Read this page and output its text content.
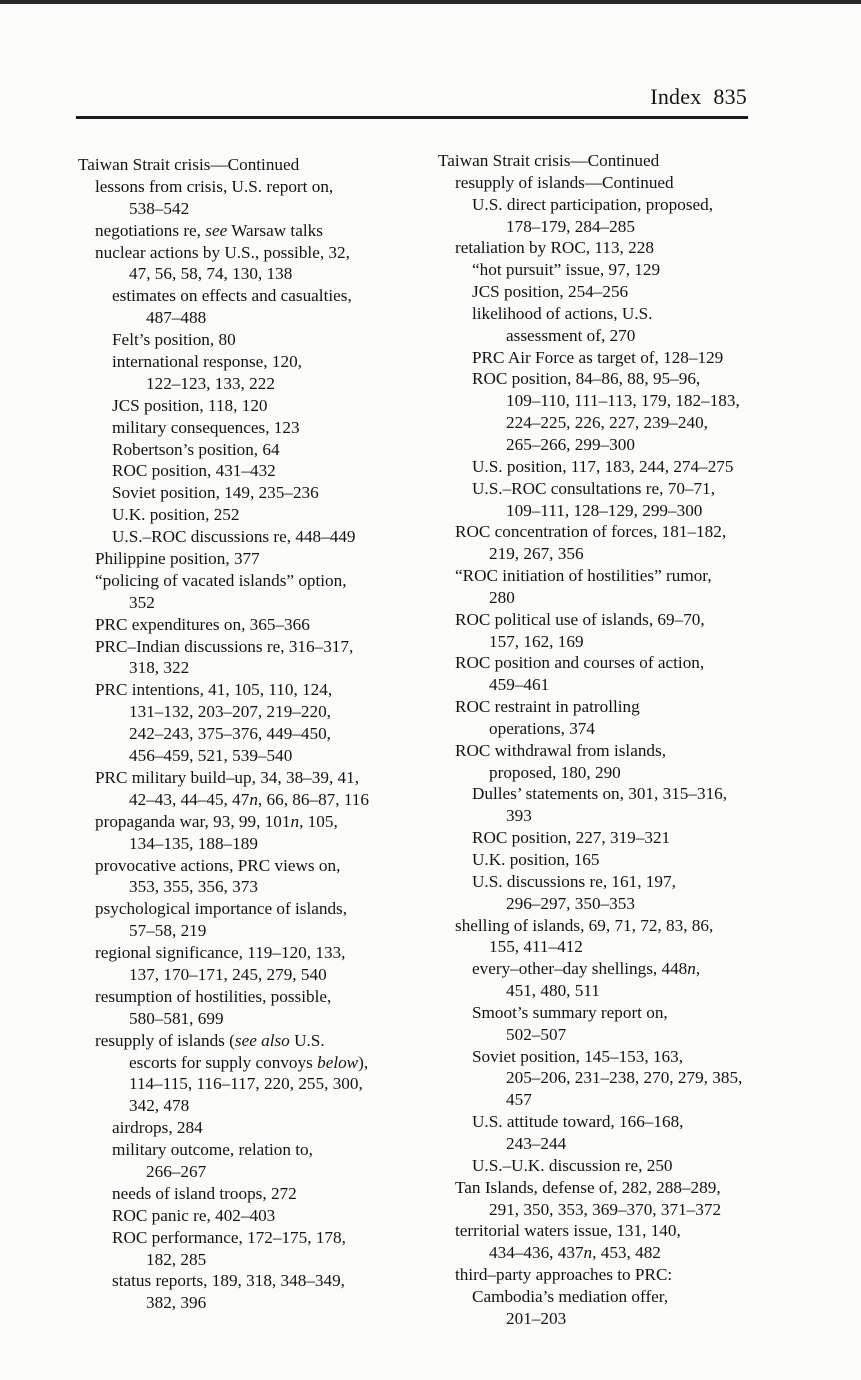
Index 835
Taiwan Strait crisis—Continued
lessons from crisis, U.S. report on,
538–542
negotiations re, see Warsaw talks
nuclear actions by U.S., possible, 32,
47, 56, 58, 74, 130, 138
estimates on effects and casualties,
487–488
Felt’s position, 80
international response, 120,
122–123, 133, 222
JCS position, 118, 120
military consequences, 123
Robertson’s position, 64
ROC position, 431–432
Soviet position, 149, 235–236
U.K. position, 252
U.S.–ROC discussions re, 448–449
Philippine position, 377
“policing of vacated islands” option,
352
PRC expenditures on, 365–366
PRC–Indian discussions re, 316–317,
318, 322
PRC intentions, 41, 105, 110, 124,
131–132, 203–207, 219–220,
242–243, 375–376, 449–450,
456–459, 521, 539–540
PRC military build–up, 34, 38–39, 41,
42–43, 44–45, 47n, 66, 86–87, 116
propaganda war, 93, 99, 101n, 105,
134–135, 188–189
provocative actions, PRC views on,
353, 355, 356, 373
psychological importance of islands,
57–58, 219
regional significance, 119–120, 133,
137, 170–171, 245, 279, 540
resumption of hostilities, possible,
580–581, 699
resupply of islands (see also U.S.
escorts for supply convoys below),
114–115, 116–117, 220, 255, 300,
342, 478
airdrops, 284
military outcome, relation to,
266–267
needs of island troops, 272
ROC panic re, 402–403
ROC performance, 172–175, 178,
182, 285
status reports, 189, 318, 348–349,
382, 396
Taiwan Strait crisis—Continued
resupply of islands—Continued
U.S. direct participation, proposed,
178–179, 284–285
retaliation by ROC, 113, 228
“hot pursuit” issue, 97, 129
JCS position, 254–256
likelihood of actions, U.S.
assessment of, 270
PRC Air Force as target of, 128–129
ROC position, 84–86, 88, 95–96,
109–110, 111–113, 179, 182–183,
224–225, 226, 227, 239–240,
265–266, 299–300
U.S. position, 117, 183, 244, 274–275
U.S.–ROC consultations re, 70–71,
109–111, 128–129, 299–300
ROC concentration of forces, 181–182,
219, 267, 356
“ROC initiation of hostilities” rumor,
280
ROC political use of islands, 69–70,
157, 162, 169
ROC position and courses of action,
459–461
ROC restraint in patrolling
operations, 374
ROC withdrawal from islands,
proposed, 180, 290
Dulles’ statements on, 301, 315–316,
393
ROC position, 227, 319–321
U.K. position, 165
U.S. discussions re, 161, 197,
296–297, 350–353
shelling of islands, 69, 71, 72, 83, 86,
155, 411–412
every–other–day shellings, 448n,
451, 480, 511
Smoot’s summary report on,
502–507
Soviet position, 145–153, 163,
205–206, 231–238, 270, 279, 385,
457
U.S. attitude toward, 166–168,
243–244
U.S.–U.K. discussion re, 250
Tan Islands, defense of, 282, 288–289,
291, 350, 353, 369–370, 371–372
territorial waters issue, 131, 140,
434–436, 437n, 453, 482
third–party approaches to PRC:
Cambodia’s mediation offer,
201–203
